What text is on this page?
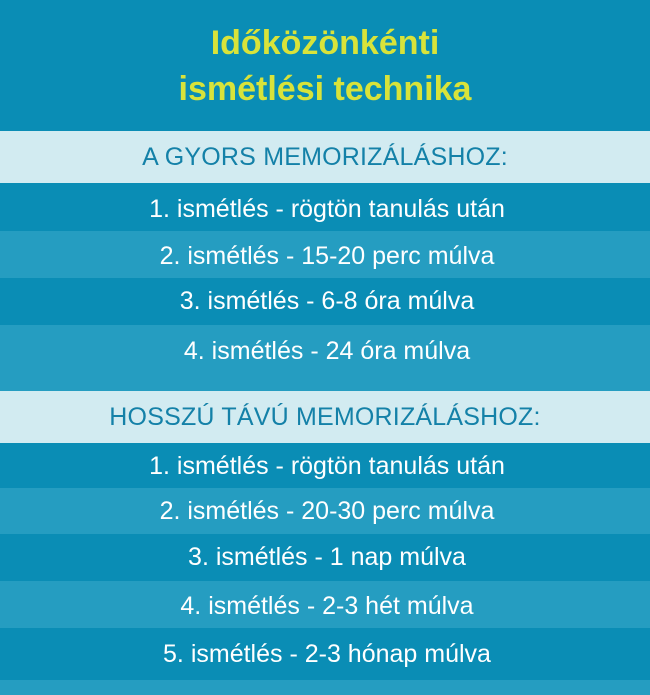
Időközönkénti
ismétlési technika
A GYORS MEMORIZÁLÁSHOZ:
1. ismétlés - rögtön tanulás után
2. ismétlés - 15-20 perc múlva
3. ismétlés - 6-8 óra múlva
4. ismétlés - 24 óra múlva
HOSSZÚ TÁVÚ MEMORIZÁLÁSHOZ:
1. ismétlés - rögtön tanulás után
2. ismétlés - 20-30 perc múlva
3. ismétlés - 1 nap múlva
4. ismétlés - 2-3 hét múlva
5. ismétlés - 2-3 hónap múlva
